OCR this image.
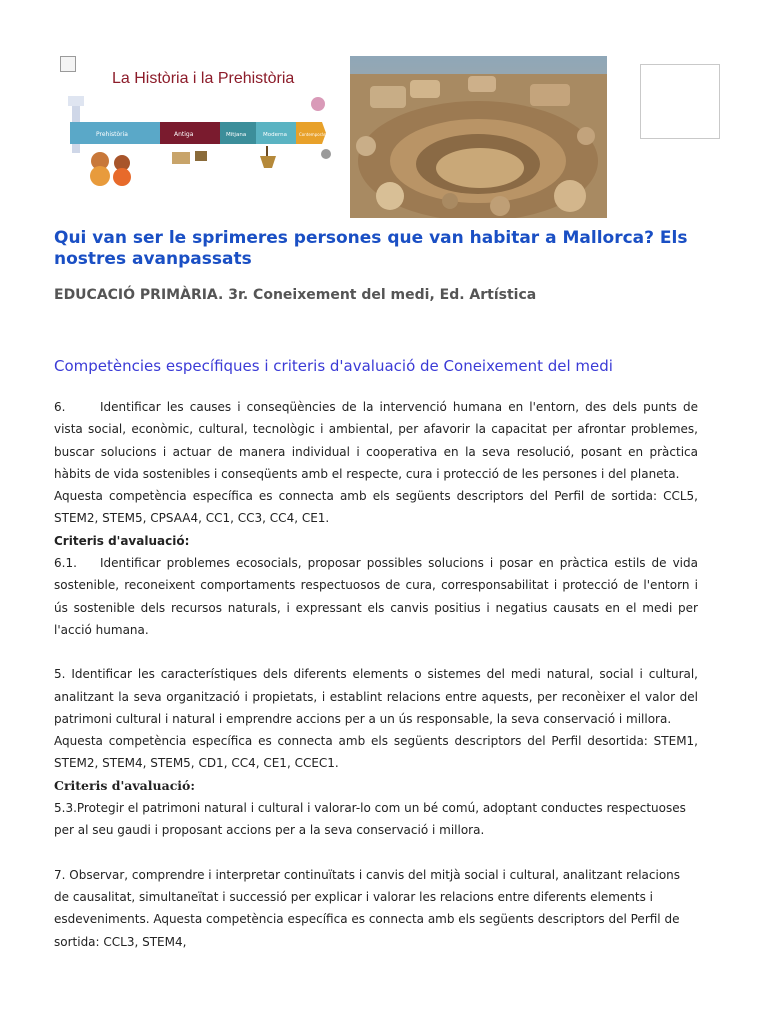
La Història i la Prehistòria
Prehistòria	Antiga	Mitjana	Moderna	Contemporània
Qui van ser le sprimeres persones que van habitar a Mallorca? Els nostres avanpassats
EDUCACIÓ PRIMÀRIA. 3r. Coneixement del medi, Ed. Artística
Competències específiques i criteris d'avaluació de Coneixement del medi

6.	Identificar les causes i conseqüències de la intervenció humana en l'entorn, des dels punts de vista social, econòmic, cultural, tecnològic i ambiental, per afavorir la capacitat per afrontar problemes, buscar solucions i actuar de manera individual i cooperativa en la seva resolució, posant en pràctica hàbits de vida sostenibles i conseqüents amb el respecte, cura i protecció de les persones i del planeta.

Aquesta competència específica es connecta amb els següents descriptors del Perfil de sortida: CCL5, STEM2, STEM5, CPSAA4, CC1, CC3, CC4, CE1.

Criteris d'avaluació:

6.1. Identificar problemes ecosocials, proposar possibles solucions i posar en pràctica estils de vida sostenible, reconeixent comportaments respectuosos de cura, corresponsabilitat i protecció de l'entorn i ús sostenible dels recursos naturals, i expressant els canvis positius i negatius causats en el medi per l'acció humana.

5. Identificar les característiques dels diferents elements o sistemes del medi natural, social i cultural, analitzant la seva organització i propietats, i establint relacions entre aquests, per reconèixer el valor del patrimoni cultural i natural i emprendre accions per a un ús responsable, la seva conservació i millora.

Aquesta competència específica es connecta amb els següents descriptors del Perfil desortida: STEM1, STEM2, STEM4, STEM5, CD1, CC4, CE1, CCEC1.

Criteris d'avaluació:

5.3.Protegir el patrimoni natural i cultural i valorar-lo com un bé comú, adoptant conductes respectuoses per al seu gaudi i proposant accions per a la seva conservació i millora.

7. Observar, comprendre i interpretar continuïtats i canvis del mitjà social i cultural, analitzant relacions de causalitat, simultaneïtat i successió per explicar i valorar les relacions entre diferents elements i esdeveniments. Aquesta competència específica es connecta amb els següents descriptors del Perfil de sortida: CCL3, STEM4,
